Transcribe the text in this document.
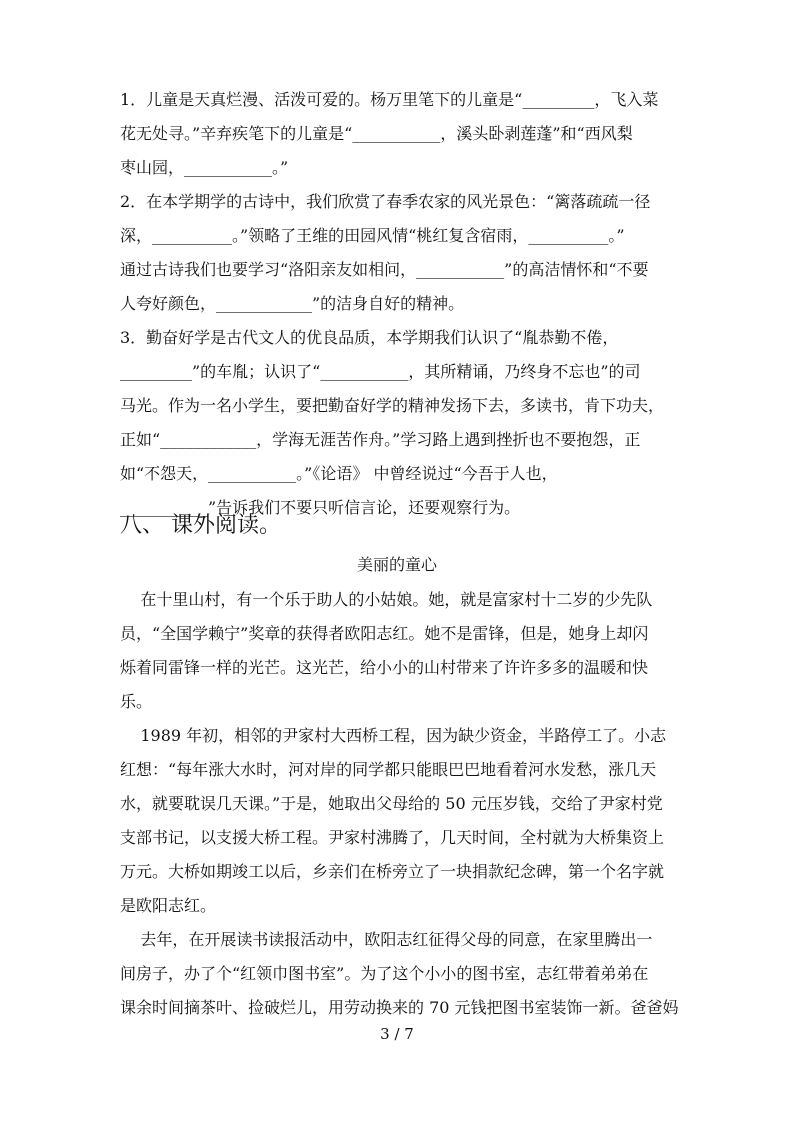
1．儿童是天真烂漫、活泼可爱的。杨万里笔下的儿童是“_________，飞入菜
花无处寻。”辛弃疾笔下的儿童是“___________，溪头卧剥莲蓬”和“西风梨
枣山园，___________。”
2．在本学期学的古诗中，我们欣赏了春季农家的风光景色：“篱落疏疏一径
深，__________。”领略了王维的田园风情“桃红复含宿雨，__________。”
通过古诗我们也要学习“洛阳亲友如相问，___________”的高洁情怀和“不要
人夸好颜色，____________”的洁身自好的精神。
3．勤奋好学是古代文人的优良品质，本学期我们认识了“胤恭勤不倦，
_________”的车胤；认识了“___________，其所精诵，乃终身不忘也”的司
马光。作为一名小学生，要把勤奋好学的精神发扬下去，多读书，肯下功夫，
正如“____________，学海无涯苦作舟。”学习路上遇到挫折也不要抱怨，正
如“不怨天，___________。”《论语》 中曾经说过“今吾于人也，
___________”告诉我们不要只听信言论，还要观察行为。
八、 课外阅读。
美丽的童心
在十里山村，有一个乐于助人的小姑娘。她，就是富家村十二岁的少先队
员，“全国学赖宁”奖章的获得者欧阳志红。她不是雷锋，但是，她身上却闪
烁着同雷锋一样的光芒。这光芒，给小小的山村带来了许许多多的温暖和快
乐。
1989 年初，相邻的尹家村大西桥工程，因为缺少资金，半路停工了。小志
红想：“每年涨大水时，河对岸的同学都只能眼巴巴地看着河水发愁，涨几天
水，就要耽误几天课。”于是，她取出父母给的 50 元压岁钱，交给了尹家村党
支部书记，以支援大桥工程。尹家村沸腾了，几天时间，全村就为大桥集资上
万元。大桥如期竣工以后，乡亲们在桥旁立了一块捐款纪念碑，第一个名字就
是欧阳志红。
去年，在开展读书读报活动中，欧阳志红征得父母的同意，在家里腾出一
间房子，办了个“红领巾图书室”。为了这个小小的图书室，志红带着弟弟在
课余时间摘茶叶、捡破烂儿，用劳动换来的 70 元钱把图书室装饰一新。爸爸妈
3 / 7
